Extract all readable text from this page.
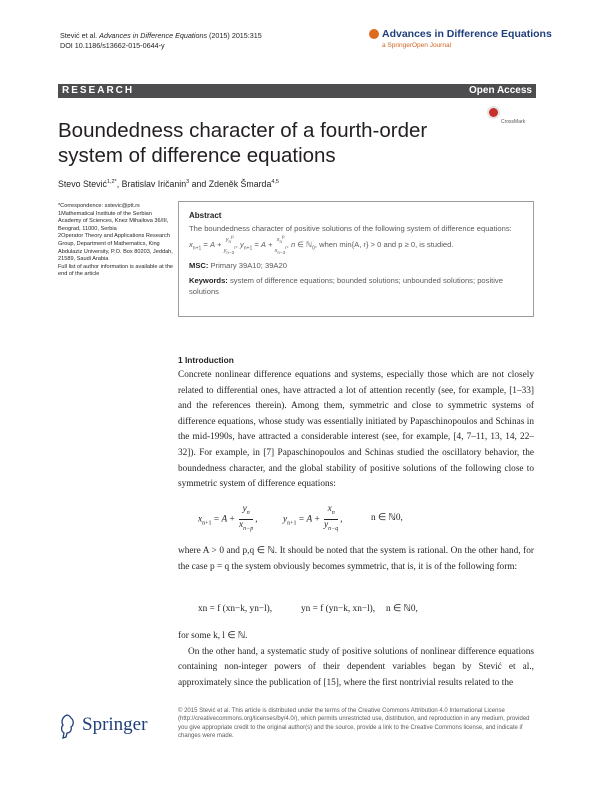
Stević et al. Advances in Difference Equations (2015) 2015:315
DOI 10.1186/s13662-015-0644-y
Advances in Difference Equations
a SpringerOpen Journal
RESEARCH	Open Access
CrossMark
Boundedness character of a fourth-order system of difference equations
Stevo Stević$^{1,2*}$, Bratislav Iričanin$^3$ and Zdeněk Šmarda$^{4,5}$
*Correspondence: sstevic@ptt.rs
1Mathematical Institute of the Serbian Academy of Sciences, Knez Mihailova 36/III, Beograd, 11000, Serbia
2Operator Theory and Applications Research Group, Department of Mathematics, King Abdulaziz University, P.O. Box 80203, Jeddah, 21589, Saudi Arabia
Full list of author information is available at the end of the article
Abstract
The boundedness character of positive solutions of the following system of difference equations: $x_{n+1} = A + y_n^p$
$y_{n-3}^r$, $y_{n+1} = A + x_n^p$
$x_{n-3}^r$, n ∈ ℕ$_0$, when min{A, r} > 0 and p ≥ 0, is studied.
MSC: Primary 39A10; 39A20
Keywords: system of difference equations; bounded solutions; unbounded solutions; positive solutions
1 Introduction
Concrete nonlinear difference equations and systems, especially those which are not closely related to differential ones, have attracted a lot of attention recently (see, for example, [1–33] and the references therein). Among them, symmetric and close to symmetric systems of difference equations, whose study was essentially initiated by Papaschinopoulos and Schinas in the mid-1990s, have attracted a considerable interest (see, for example, [4, 7–11, 13, 14, 22–32]). For example, in [7] Papaschinopoulos and Schinas studied the oscillatory behavior, the boundedness character, and the global stability of positive solutions of the following close to symmetric system of difference equations:
$x_{n+1} = A + \frac{y_n}{x_{n-p}}$ ,	$y_{n+1} = A + \frac{x_n}{y_{n-q}}$ ,	n ∈ ℕ0,
where A > 0 and p,q ∈ ℕ. It should be noted that the system is rational. On the other hand, for the case p = q the system obviously becomes symmetric, that is, it is of the following form:
xn = f (xn−k, yn−l),	yn = f (yn−k, xn−l), n ∈ ℕ0,
for some k, l ∈ ℕ.
On the other hand, a systematic study of positive solutions of nonlinear difference equations containing non-integer powers of their dependent variables began by Stević et al., approximately since the publication of [15], where the first nontrivial results related to the
Springer
© 2015 Stević et al. This article is distributed under the terms of the Creative Commons Attribution 4.0 International License (http://creativecommons.org/licenses/by/4.0/), which permits unrestricted use, distribution, and reproduction in any medium, provided you give appropriate credit to the original author(s) and the source, provide a link to the Creative Commons license, and indicate if changes were made.
